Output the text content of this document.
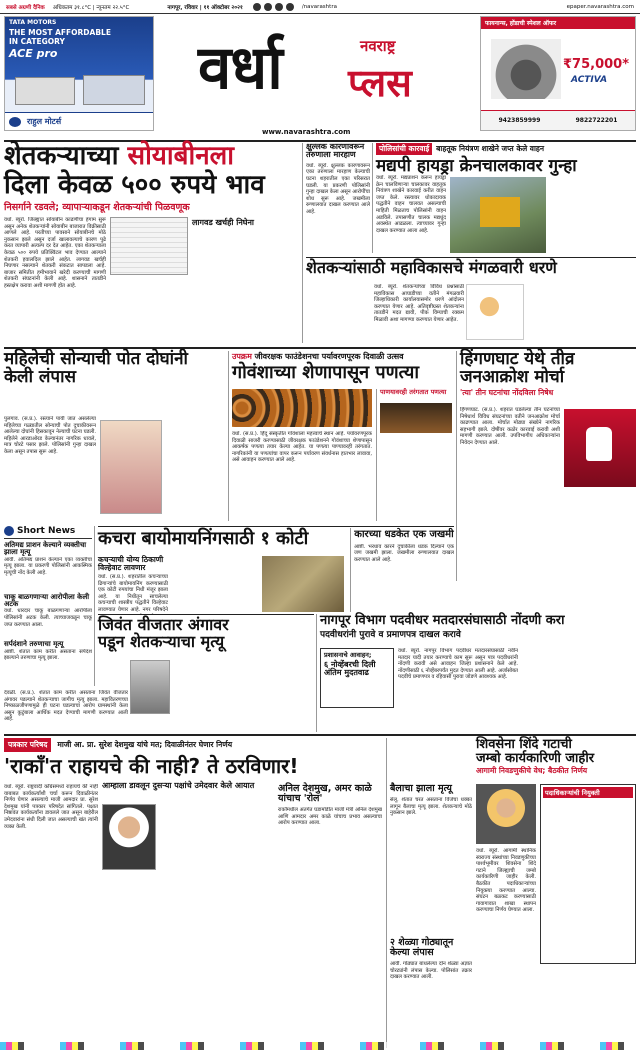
सबसे अग्रणी दैनिक अधिकतम ३१.८°C | न्यूनतम २२.५°C	नागपूर, रविवार | ११ ऑक्टोबर २०२१	/navarashtra	epaper.navarashtra.com
TATA MOTORS
THE MOST AFFORDABLE
IN CATEGORY
ACE pro
राहुल मोटर्स
वर्धा	नवराष्ट्र
प्लस
www.navarashtra.com
फायनान्स, होंडाची स्पेशल ऑफर
₹75,000*
ACTIVA
9423859999	9822722201
शेतकऱ्याच्या सोयाबीनला
दिला केवळ ५०० रुपये भाव
निसर्गाने रडवले; व्यापाऱ्याकडून शेतकऱ्यांची पिळवणूक
वर्धा. ब्यूरो. जिल्ह्यात सोयाबीन काढणीचा हंगाम सुरू असून अनेक शेतकऱ्यांनी सोयाबीन बाजारात विक्रीसाठी आणले आहे. परतीच्या पावसाने सोयाबीनचे मोठे नुकसान झाले असून दर्जा खालावल्याचे कारण पुढे करत व्यापारी अत्यल्प दर देत आहेत. एका शेतकऱ्याला केवळ ५०० रुपये प्रतिक्विंटल भाव देण्यात आल्याने शेतकरी हवालदिल झाले आहेत. लागवड खर्चही निघणार नसल्याने शेतकरी संकटात सापडला आहे. बाजार समितीत हमीभावाने खरेदी करण्याची मागणी शेतकरी संघटनांनी केली आहे. शासनाने तातडीने हस्तक्षेप करावा अशी मागणी होत आहे.
लागवड खर्चही निघेना
क्षुल्लक कारणावरून तरुणाला मारहाण
वर्धा. ब्यूरो. क्षुल्लक कारणावरून एका तरुणाला मारहाण केल्याची घटना शहरातील एका परिसरात घडली. या प्रकरणी पोलिसांनी गुन्हा दाखल केला असून आरोपींचा शोध सुरू आहे. जखमीला रुग्णालयात दाखल करण्यात आले आहे.
पोलिसांची कारवाई बाहतूक नियंत्रण शाखेने जप्त केले वाहन
मद्यपी हायड्रा क्रेनचालकावर गुन्हा
वर्धा. ब्यूरो. मद्यप्राशन करून हायड्रा क्रेन चालविणाऱ्या चालकावर वाहतूक नियंत्रण शाखेने कारवाई करीत वाहन जप्त केले. रस्त्यावर धोकादायक पद्धतीने वाहन चालवत असल्याची माहिती मिळताच पोलिसांनी वाहन अडविले. तपासणीत चालक मद्यधुंद अवस्थेत आढळला. त्याच्यावर गुन्हा दाखल करण्यात आला आहे.
शेतकऱ्यांसाठी महाविकासचे मंगळवारी धरणे
वर्धा. ब्यूरो. शेतकऱ्यांच्या विविध प्रश्नांसाठी महाविकास आघाडीच्या वतीने मंगळवारी जिल्हाधिकारी कार्यालयासमोर धरणे आंदोलन करण्यात येणार आहे. अतिवृष्टीग्रस्त शेतकऱ्यांना तातडीने मदत द्यावी, पीक विम्याची रक्कम मिळावी अशा मागण्या करण्यात येणार आहेत.
महिलेची सोन्याची पोत दोघांनी केली लंपास
पुलगाव. (स.प्र.). रस्त्याने पायी जात असलेल्या महिलेच्या गळ्यातील सोन्याची पोत दुचाकीवरून आलेल्या दोघांनी हिसकावून नेल्याची घटना घडली. महिलेने आरडाओरड केल्यानंतर नागरिक धावले, मात्र चोरटे पसार झाले. पोलिसांनी गुन्हा दाखल केला असून तपास सुरू आहे.
उपक्रम जीवरक्षक फाउंडेशनचा पर्यावरणपूरक दिवाळी उत्सव
गोवंशाच्या शेणापासून पणत्या
वर्धा. (स.प्र.). हिंदू संस्कृतीत गोवंशाला महत्त्वाचे स्थान आहे. पर्यावरणपूरक दिवाळी साजरी करण्यासाठी जीवरक्षक फाउंडेशनने गोवंशाच्या शेणापासून आकर्षक पणत्या तयार केल्या आहेत. या पणत्या पाण्यावरही तरंगतात. नागरिकांनी या पणत्यांचा वापर करून पर्यावरण संवर्धनास हातभार लावावा, असे आवाहन करण्यात आले आहे.
पाणयावरही तरंगतात पणत्या
हिंगणघाट येथे तीव्र
जनआक्रोश मोर्चा
'त्या' तीन घटनांचा नोंदविला निषेध
हिंगणघाट. (स.प्र.). शहरात घडलेल्या तीन घटनांच्या निषेधार्थ विविध संघटनांच्या वतीने जनआक्रोश मोर्चा काढण्यात आला. मोर्चात मोठ्या संख्येने नागरिक सहभागी झाले. दोषींवर कठोर कारवाई करावी अशी मागणी करण्यात आली. उपविभागीय अधिकाऱ्यांना निवेदन देण्यात आले.
Short News
अतिमद्य प्राशन केल्याने व्यक्तीचा झाला मृत्यू
आर्वी. अतिमद्य प्राशन केल्याने एका व्यक्तीचा मृत्यू झाला. या प्रकरणी पोलिसांनी आकस्मिक मृत्यूची नोंद केली आहे.
चाकू बाळगणाऱ्या आरोपीला केली अटक
वर्धा. धारदार चाकू बाळगणाऱ्या आरोपीला पोलिसांनी अटक केली. त्याच्याजवळून चाकू जप्त करण्यात आला.
सर्पदंशाने तरुणाचा मृत्यू
आष्टी. शेतात काम करीत असताना सर्पदंश झाल्याने तरुणाचा मृत्यू झाला.
कचरा बायोमायनिंगसाठी १ कोटी
कचऱ्याची योग्य ठिकाणी विल्हेवाट लावणार
वर्धा. (स.प्र.). शहरातील कचऱ्याच्या ढिगाऱ्यांचे बायोमायनिंग करण्यासाठी एक कोटी रुपयांचा निधी मंजूर झाला आहे. या निधीतून साचलेल्या कचऱ्याची शास्त्रीय पद्धतीने विल्हेवाट लावण्यात येणार आहे. नगर परिषदेने
कारच्या धडकेत एक जखमी
आष्टी. भरधाव कारने दुचाकीला धडक दिल्याने एक जण जखमी झाला. जखमीला रुग्णालयात दाखल करण्यात आले आहे.
जिवंत वीजतार अंगावर
पडून शेतकऱ्याचा मृत्यू
देवळी. (स.प्र.). शेतात काम करीत असताना जिवंत वीजतार अंगावर पडल्याने शेतकऱ्याचा जागीच मृत्यू झाला. महावितरणच्या निष्काळजीपणामुळे ही घटना घडल्याचा आरोप ग्रामस्थांनी केला असून कुटुंबाला आर्थिक मदत देण्याची मागणी करण्यात आली आहे.
नागपूर विभाग पदवीधर मतदारसंघासाठी नोंदणी करा
पदवीधरांनी पुरावे व प्रमाणपत्र दाखल करावे
प्रशासनाचे आवाहन;
६ नोव्हेंबरची दिली अंतिम मुदतवाढ
वर्धा. ब्यूरो. नागपूर विभाग पदवीधर मतदारसंघासाठी नवीन मतदार यादी तयार करण्याचे काम सुरू असून पात्र पदवीधरांनी नोंदणी करावी असे आवाहन जिल्हा प्रशासनाने केले आहे. नोंदणीसाठी ६ नोव्हेंबरपर्यंत मुदत देण्यात आली आहे. अर्जासोबत पदवीचे प्रमाणपत्र व रहिवासी पुरावा जोडणे आवश्यक आहे.
पत्रकार परिषद	माजी आ. प्रा. सुरेश देशमुख यांचे मत; दिवाळीनंतर घेणार निर्णय
'राकाँ'त राहायचे की नाही? ते ठरविणार!
वर्धा. ब्यूरो. राष्ट्रवादी काँग्रेसमध्ये राहायचे की नाही याबाबत कार्यकर्त्यांशी चर्चा करून दिवाळीनंतर निर्णय घेणार असल्याचे माजी आमदार प्रा. सुरेश देशमुख यांनी पत्रकार परिषदेत सांगितले. पक्षात निष्ठावंत कार्यकर्त्यांना डावलले जात असून बाहेरील उमेदवारांना संधी दिली जात असल्याची खंत त्यांनी व्यक्त केली.
आम्हाला डावलून दुसऱ्या पक्षांचे उमेदवार केले आयात	अनिल देशमुख, अमर काळे यांचाच 'रोल'
राकाँमधील अंतर्गत घडामोडीत माजी मंत्री अनिल देशमुख आणि आमदार अमर काळे यांचाच प्रभाव असल्याचा आरोप करण्यात आला.
बैलाचा झाला मृत्यू
सेलू. शेतात चरत असताना विजेचा धक्का लागून बैलाचा मृत्यू झाला. शेतकऱ्याचे मोठे नुकसान झाले.
२ शेळ्या गोठ्यातून केल्या लंपास
आर्वी. गोठ्यात बांधलेल्या दोन शेळ्या अज्ञात चोरट्यांनी लंपास केल्या. पोलिसांत तक्रार दाखल करण्यात आली.
शिवसेना शिंदे गटाची
जम्बो कार्यकारिणी जाहीर
आगामी निवडणुकीचे वेध; बैठकीत निर्णय
पदाधिकाऱ्यांची नियुक्ती
वर्धा. ब्यूरो. आगामी स्थानिक स्वराज्य संस्थांच्या निवडणुकीच्या पार्श्वभूमीवर शिवसेना शिंदे गटाने जिल्ह्याची जम्बो कार्यकारिणी जाहीर केली. बैठकीत पदाधिकाऱ्यांच्या नियुक्त्या करण्यात आल्या. संघटन बळकट करण्यासाठी गावागावात शाखा स्थापन करण्याचा निर्णय घेण्यात आला.
